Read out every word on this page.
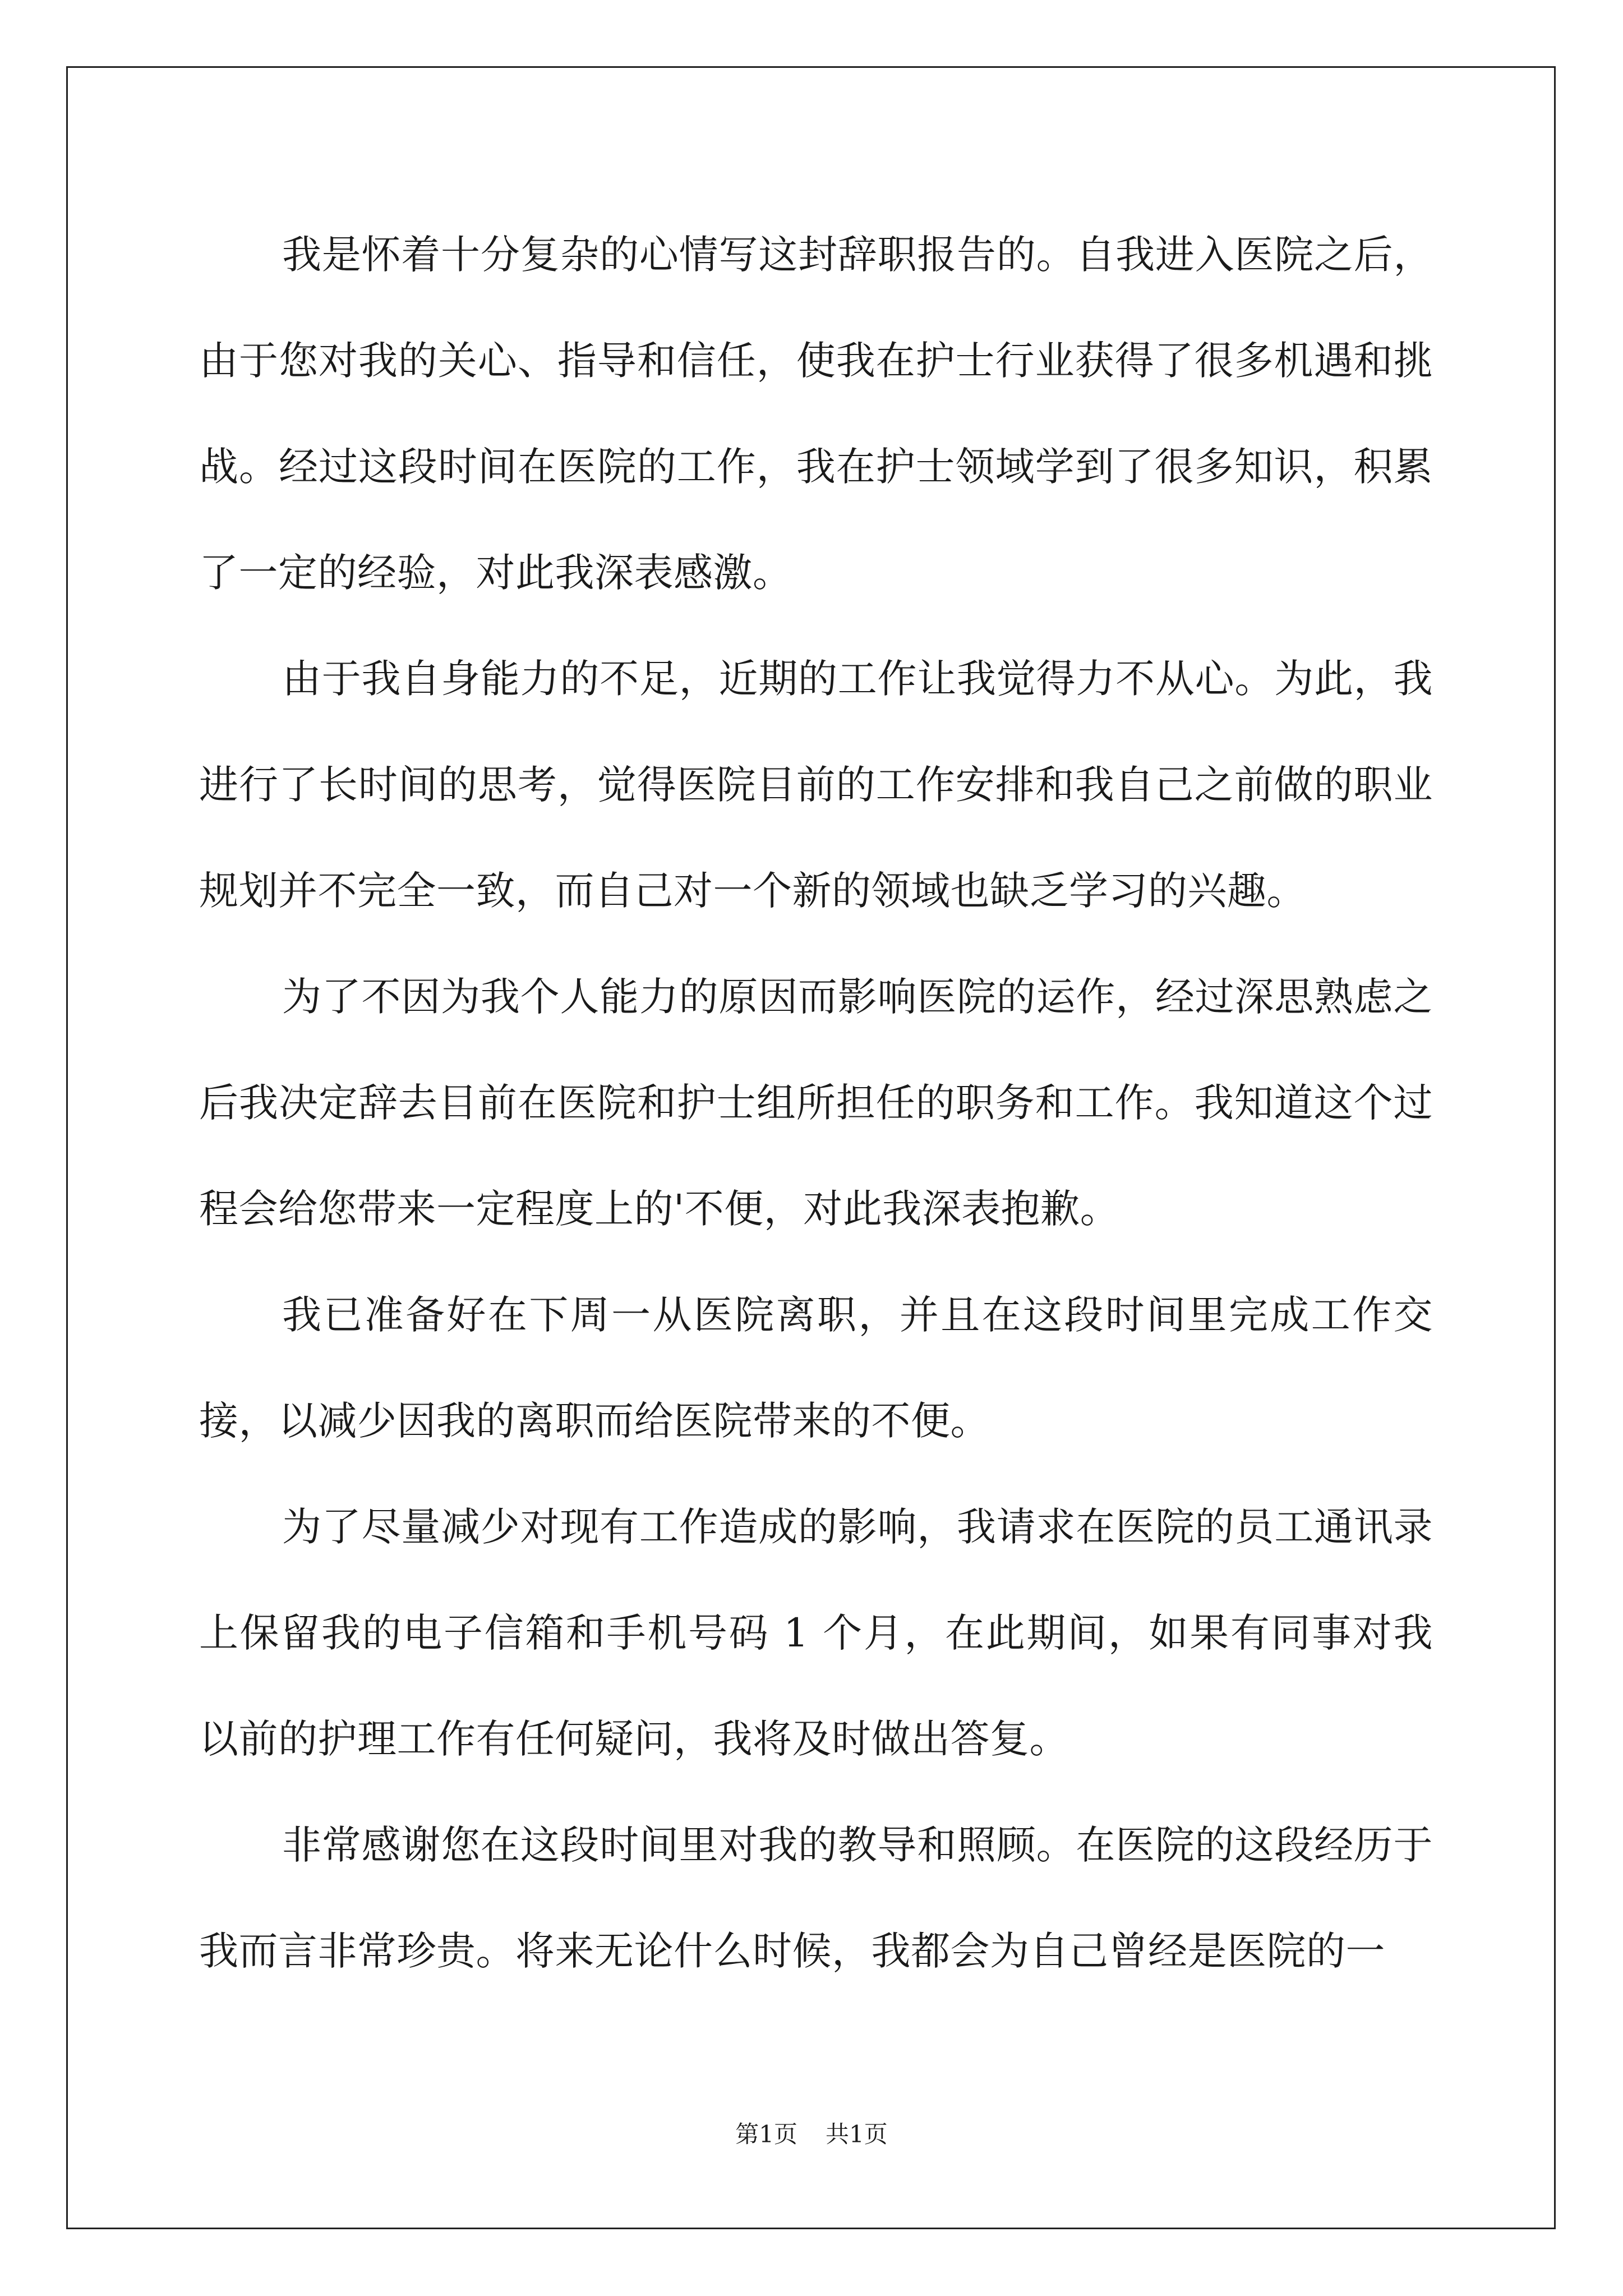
我是怀着十分复杂的心情写这封辞职报告的。自我进入医院之后，由于您对我的关心、指导和信任，使我在护士行业获得了很多机遇和挑战。经过这段时间在医院的工作，我在护士领域学到了很多知识，积累了一定的经验，对此我深表感激。

由于我自身能力的不足，近期的工作让我觉得力不从心。为此，我进行了长时间的思考，觉得医院目前的工作安排和我自己之前做的职业规划并不完全一致，而自己对一个新的领域也缺乏学习的兴趣。

为了不因为我个人能力的原因而影响医院的运作，经过深思熟虑之后我决定辞去目前在医院和护士组所担任的职务和工作。我知道这个过程会给您带来一定程度上的'不便，对此我深表抱歉。

我已准备好在下周一从医院离职，并且在这段时间里完成工作交接，以减少因我的离职而给医院带来的不便。

为了尽量减少对现有工作造成的影响，我请求在医院的员工通讯录上保留我的电子信箱和手机号码 1 个月，在此期间，如果有同事对我以前的护理工作有任何疑问，我将及时做出答复。

非常感谢您在这段时间里对我的教导和照顾。在医院的这段经历于我而言非常珍贵。将来无论什么时候，我都会为自己曾经是医院的一

第1页 共1页
